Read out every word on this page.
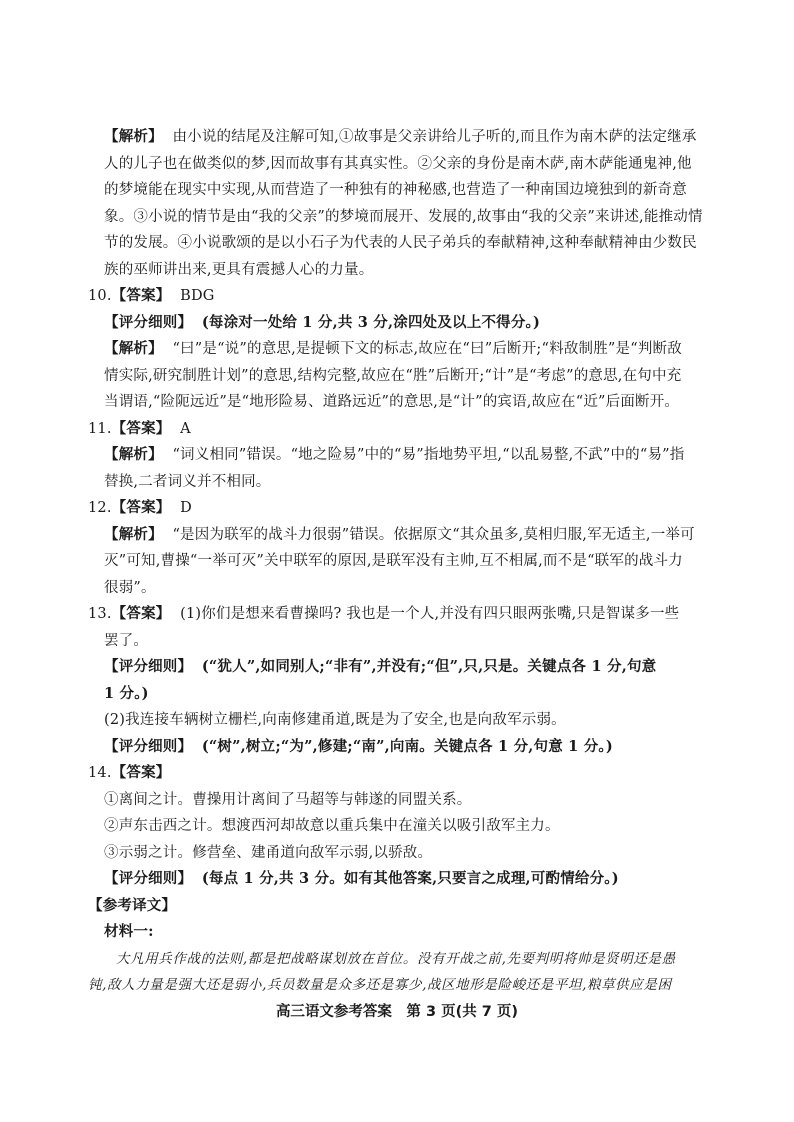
【解析】 由小说的结尾及注解可知,①故事是父亲讲给儿子听的,而且作为南木萨的法定继承
人的儿子也在做类似的梦,因而故事有其真实性。②父亲的身份是南木萨,南木萨能通鬼神,他
的梦境能在现实中实现,从而营造了一种独有的神秘感,也营造了一种南国边境独到的新奇意
象。③小说的情节是由“我的父亲”的梦境而展开、发展的,故事由“我的父亲”来讲述,能推动情
节的发展。④小说歌颂的是以小石子为代表的人民子弟兵的奉献精神,这种奉献精神由少数民
族的巫师讲出来,更具有震撼人心的力量。
10.【答案】 BDG
【评分细则】 (每涂对一处给 1 分,共 3 分,涂四处及以上不得分。)
【解析】 “曰”是“说”的意思,是提顿下文的标志,故应在“曰”后断开;“料敌制胜”是“判断敌
情实际,研究制胜计划”的意思,结构完整,故应在“胜”后断开;“计”是“考虑”的意思,在句中充
当谓语,“险阨远近”是“地形险易、道路远近”的意思,是“计”的宾语,故应在“近”后面断开。
11.【答案】 A
【解析】 “词义相同”错误。“地之险易”中的“易”指地势平坦,“以乱易整,不武”中的“易”指
替换,二者词义并不相同。
12.【答案】 D
【解析】 “是因为联军的战斗力很弱”错误。依据原文“其众虽多,莫相归服,军无适主,一举可
灭”可知,曹操“一举可灭”关中联军的原因,是联军没有主帅,互不相属,而不是“联军的战斗力
很弱”。
13.【答案】 (1)你们是想来看曹操吗? 我也是一个人,并没有四只眼两张嘴,只是智谋多一些
罢了。
【评分细则】 (“犹人”,如同别人;“非有”,并没有;“但”,只,只是。关键点各 1 分,句意
1 分。)
(2)我连接车辆树立栅栏,向南修建甬道,既是为了安全,也是向敌军示弱。
【评分细则】 (“树”,树立;“为”,修建;“南”,向南。关键点各 1 分,句意 1 分。)
14.【答案】
①离间之计。曹操用计离间了马超等与韩遂的同盟关系。
②声东击西之计。想渡西河却故意以重兵集中在潼关以吸引敌军主力。
③示弱之计。修营垒、建甬道向敌军示弱,以骄敌。
【评分细则】 (每点 1 分,共 3 分。如有其他答案,只要言之成理,可酌情给分。)
【参考译文】
材料一:
大凡用兵作战的法则,都是把战略谋划放在首位。没有开战之前,先要判明将帅是贤明还是愚
钝,敌人力量是强大还是弱小,兵员数量是众多还是寡少,战区地形是险峻还是平坦,粮草供应是困
高三语文参考答案　第 3 页(共 7 页)
